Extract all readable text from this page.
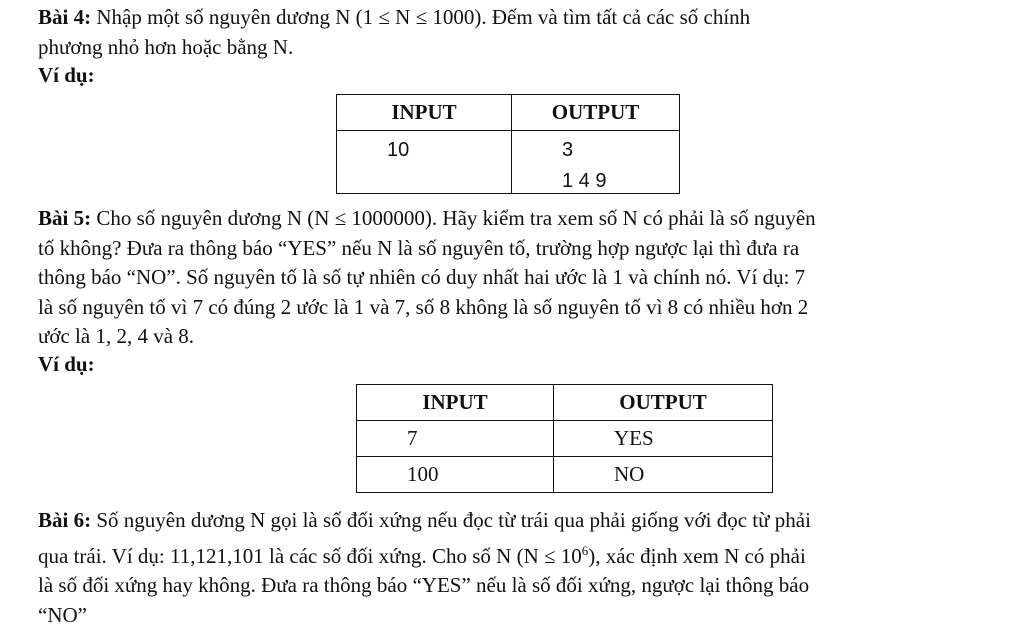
Bài 4: Nhập một số nguyên dương N (1 ≤ N ≤ 1000). Đếm và tìm tất cả các số chính
phương nhỏ hơn hoặc bằng N.
Ví dụ:
INPUT	OUTPUT
10	3
1 4 9
Bài 5: Cho số nguyên dương N (N ≤ 1000000). Hãy kiểm tra xem số N có phải là số nguyên
tố không? Đưa ra thông báo “YES” nếu N là số nguyên tố, trường hợp ngược lại thì đưa ra
thông báo “NO”. Số nguyên tố là số tự nhiên có duy nhất hai ước là 1 và chính nó. Ví dụ: 7
là số nguyên tố vì 7 có đúng 2 ước là 1 và 7, số 8 không là số nguyên tố vì 8 có nhiều hơn 2
ước là 1, 2, 4 và 8.
Ví dụ:
INPUT	OUTPUT
7	YES
100	NO
Bài 6: Số nguyên dương N gọi là số đối xứng nếu đọc từ trái qua phải giống với đọc từ phải
qua trái. Ví dụ: 11,121,101 là các số đối xứng. Cho số N $(N \le 10^6)$, xác định xem N có phải
là số đối xứng hay không. Đưa ra thông báo “YES” nếu là số đối xứng, ngược lại thông báo
“NO”
